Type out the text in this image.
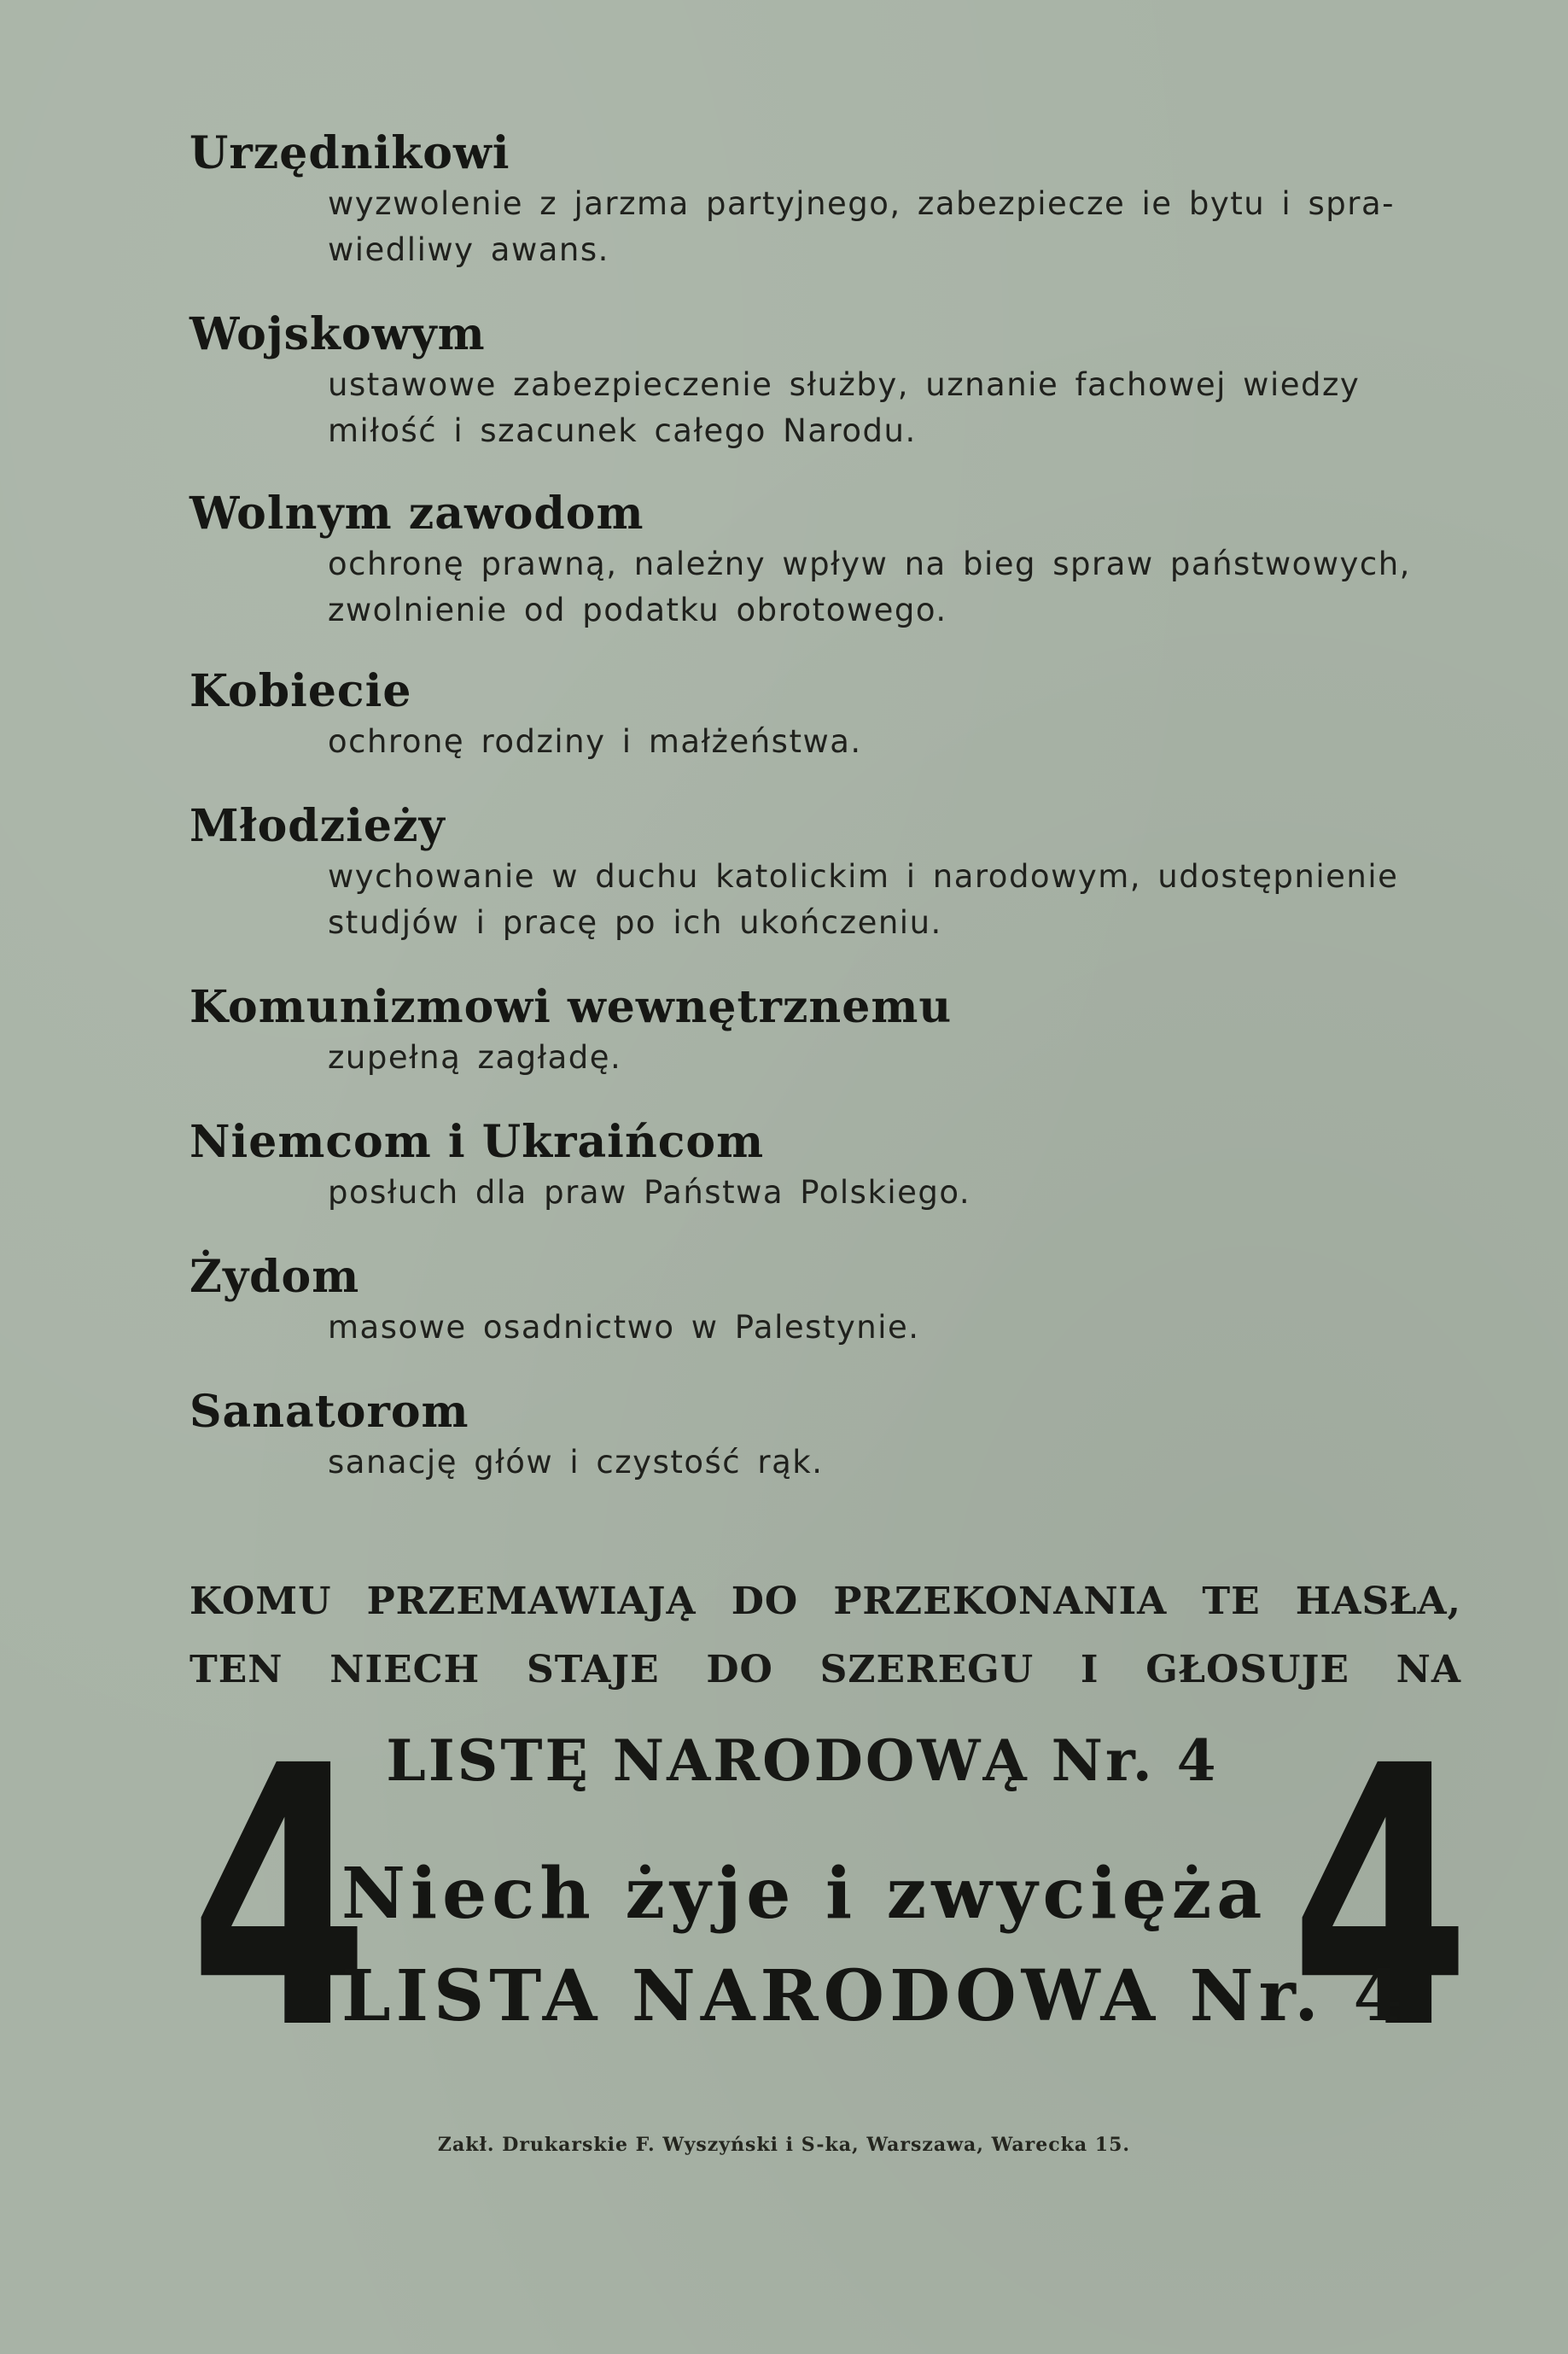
Urzędnikowi
wyzwolenie z jarzma partyjnego, zabezpiecze ie bytu i spra-
wiedliwy awans.
Wojskowym
ustawowe zabezpieczenie służby, uznanie fachowej wiedzy
miłość i szacunek całego Narodu.
Wolnym zawodom
ochronę prawną, należny wpływ na bieg spraw państwowych,
zwolnienie od podatku obrotowego.
Kobiecie
ochronę rodziny i małżeństwa.
Młodzieży
wychowanie w duchu katolickim i narodowym, udostępnienie
studjów i pracę po ich ukończeniu.
Komunizmowi wewnętrznemu
zupełną zagładę.
Niemcom i Ukraińcom
posłuch dla praw Państwa Polskiego.
Żydom
masowe osadnictwo w Palestynie.
Sanatorom
sanację głów i czystość rąk.
KOMU PRZEMAWIAJĄ DO PRZEKONANIA TE HASŁA,
TEN NIECH STAJE DO SZEREGU I GŁOSUJE NA
4	4
LISTĘ NARODOWĄ Nr. 4
Niech żyje i zwycięża
LISTA NARODOWA Nr. 4
Zakł. Drukarskie F. Wyszyński i S-ka, Warszawa, Warecka 15.
